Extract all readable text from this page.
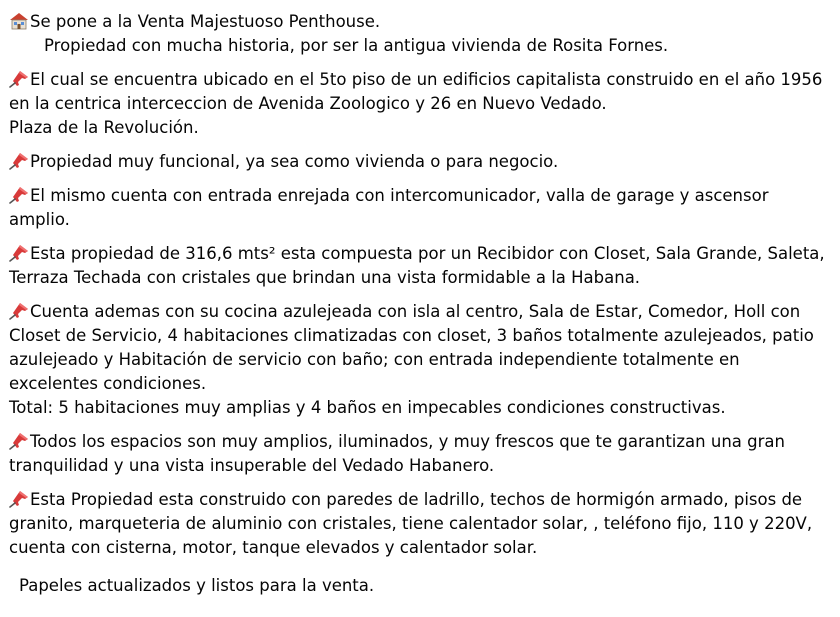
Se pone a la Venta Majestuoso Penthouse.
Propiedad con mucha historia, por ser la antigua vivienda de Rosita Fornes.
El cual se encuentra ubicado en el 5to piso de un edificios capitalista construido en el año 1956
en la centrica interceccion de Avenida Zoologico y 26 en Nuevo Vedado.
Plaza de la Revolución.
Propiedad muy funcional, ya sea como vivienda o para negocio.
El mismo cuenta con entrada enrejada con intercomunicador, valla de garage y ascensor
amplio.
Esta propiedad de 316,6 mts² esta compuesta por un Recibidor con Closet, Sala Grande, Saleta,
Terraza Techada con cristales que brindan una vista formidable a la Habana.
Cuenta ademas con su cocina azulejeada con isla al centro, Sala de Estar, Comedor, Holl con
Closet de Servicio, 4 habitaciones climatizadas con closet, 3 baños totalmente azulejeados, patio
azulejeado y Habitación de servicio con baño; con entrada independiente totalmente en
excelentes condiciones.
Total: 5 habitaciones muy amplias y 4 baños en impecables condiciones constructivas.
Todos los espacios son muy amplios, iluminados, y muy frescos que te garantizan una gran
tranquilidad y una vista insuperable del Vedado Habanero.
Esta Propiedad esta construido con paredes de ladrillo, techos de hormigón armado, pisos de
granito, marqueteria de aluminio con cristales, tiene calentador solar, , teléfono fijo, 110 y 220V,
cuenta con cisterna, motor, tanque elevados y calentador solar.
Papeles actualizados y listos para la venta.
